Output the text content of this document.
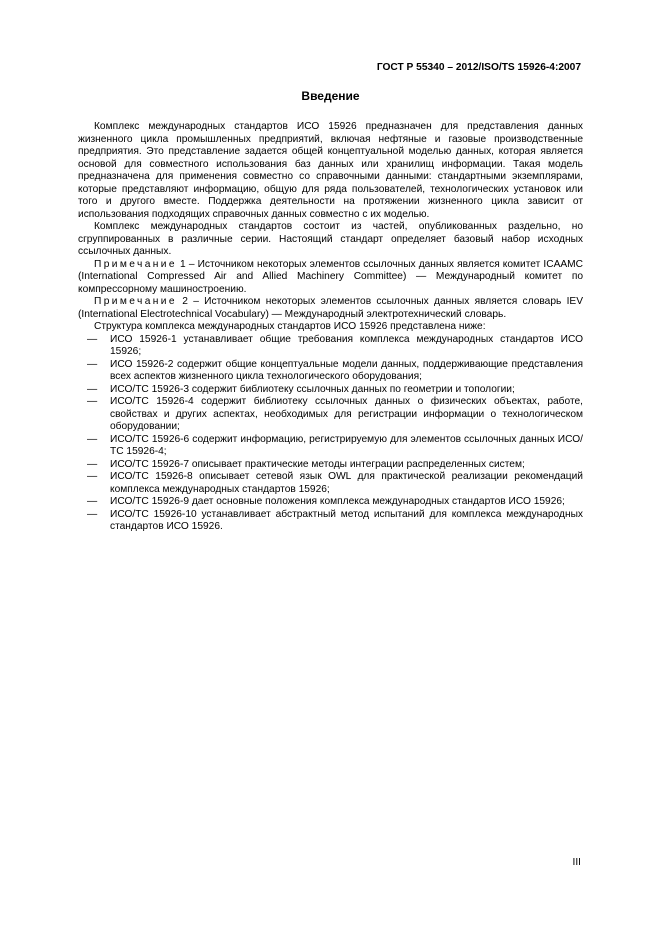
ГОСТ Р 55340 – 2012/ISO/TS 15926-4:2007
Введение

Комплекс международных стандартов ИСО 15926 предназначен для представления данных жизненного цикла промышленных предприятий, включая нефтяные и газовые производственные предприятия. Это представление задается общей концептуальной моделью данных, которая является основой для совместного использования баз данных или хранилищ информации. Такая модель предназначена для применения совместно со справочными данными: стандартными экземплярами, которые представляют информацию, общую для ряда пользователей, технологических установок или того и другого вместе. Поддержка деятельности на протяжении жизненного цикла зависит от использования подходящих справочных данных совместно с их моделью.

Комплекс международных стандартов состоит из частей, опубликованных раздельно, но сгруппированных в различные серии. Настоящий стандарт определяет базовый набор исходных ссылочных данных.

Примечание 1 – Источником некоторых элементов ссылочных данных является комитет ICAAMC (International Compressed Air and Allied Machinery Committee) — Международный комитет по компрессорному машиностроению.

Примечание 2 – Источником некоторых элементов ссылочных данных является словарь IEV (International Electrotechnical Vocabulary) — Международный электротехнический словарь.

Структура комплекса международных стандартов ИСО 15926 представлена ниже:

— ИСО 15926-1 устанавливает общие требования комплекса международных стандартов ИСО 15926;
— ИСО 15926-2 содержит общие концептуальные модели данных, поддерживающие представления всех аспектов жизненного цикла технологического оборудования;
— ИСО/ТС 15926-3 содержит библиотеку ссылочных данных по геометрии и топологии;
— ИСО/ТС 15926-4 содержит библиотеку ссылочных данных о физических объектах, работе, свойствах и других аспектах, необходимых для регистрации информации о технологическом оборудовании;
— ИСО/ТС 15926-6 содержит информацию, регистрируемую для элементов ссылочных данных ИСО/ТС 15926-4;
— ИСО/ТС 15926-7 описывает практические методы интеграции распределенных систем;
— ИСО/ТС 15926-8 описывает сетевой язык OWL для практической реализации рекомендаций комплекса международных стандартов 15926;
— ИСО/ТС 15926-9 дает основные положения комплекса международных стандартов ИСО 15926;
— ИСО/ТС 15926-10 устанавливает абстрактный метод испытаний для комплекса международных стандартов ИСО 15926.
III
